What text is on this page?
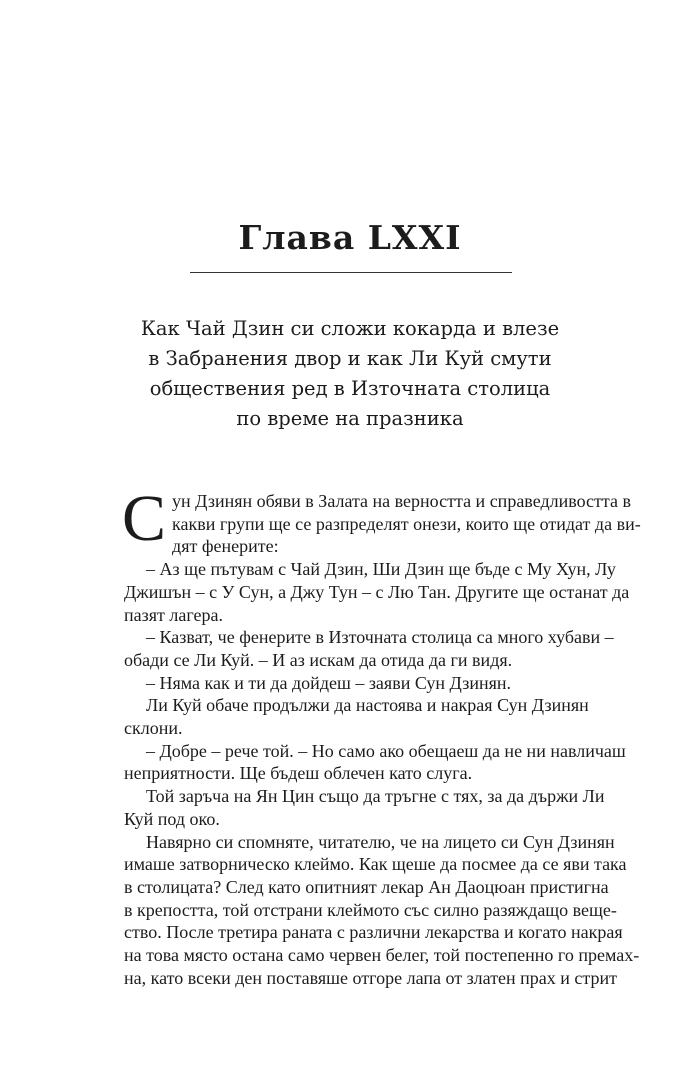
Глава LXXI
Как Чай Дзин си сложи кокарда и влезе
в Забранения двор и как Ли Куй смути
обществения ред в Източната столица
по време на празника
С ун Дзинян обяви в Залата на верността и справедливостта в
какви групи ще се разпределят онези, които ще отидат да ви-
дят фенерите:
– Аз ще пътувам с Чай Дзин, Ши Дзин ще бъде с Му Хун, Лу
Джишън – с У Сун, а Джу Тун – с Лю Тан. Другите ще останат да
пазят лагера.
– Казват, че фенерите в Източната столица са много хубави –
обади се Ли Куй. – И аз искам да отида да ги видя.
– Няма как и ти да дойдеш – заяви Сун Дзинян.
Ли Куй обаче продължи да настоява и накрая Сун Дзинян
склони.
– Добре – рече той. – Но само ако обещаеш да не ни навличаш
неприятности. Ще бъдеш облечен като слуга.
Той заръча на Ян Цин също да тръгне с тях, за да държи Ли
Куй под око.
Навярно си спомняте, читателю, че на лицето си Сун Дзинян
имаше затворническо клеймо. Как щеше да посмее да се яви така
в столицата? След като опитният лекар Ан Даоцюан пристигна
в крепостта, той отстрани клеймото със силно разяждащо веще-
ство. После третира раната с различни лекарства и когато накрая
на това място остана само червен белег, той постепенно го премах-
на, като всеки ден поставяше отгоре лапа от златен прах и стрит
